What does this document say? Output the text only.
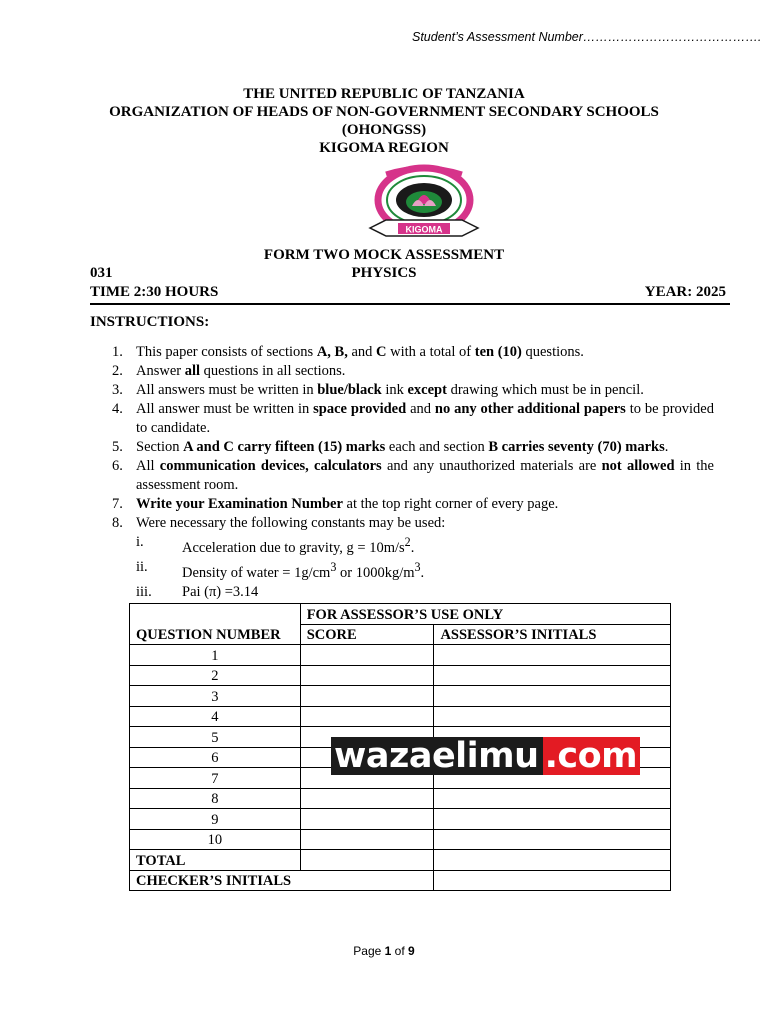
Student’s Assessment Number…………………………………….
THE UNITED REPUBLIC OF TANZANIA
ORGANIZATION OF HEADS OF NON-GOVERNMENT SECONDARY SCHOOLS
(OHONGSS)
KIGOMA REGION
KIGOMA
FORM TWO MOCK ASSESSMENT
031	PHYSICS
TIME 2:30 HOURS	YEAR: 2025
INSTRUCTIONS:
1. This paper consists of sections A, B, and C with a total of ten (10) questions.
2. Answer all questions in all sections.
3. All answers must be written in blue/black ink except drawing which must be in pencil.
4. All answer must be written in space provided and no any other additional papers to be provided to candidate.
5. Section A and C carry fifteen (15) marks each and section B carries seventy (70) marks.
6. All communication devices, calculators and any unauthorized materials are not allowed in the assessment room.
7. Write your Examination Number at the top right corner of every page.
8. Were necessary the following constants may be used:
i.	Acceleration due to gravity, $g = 10m/s^2$.
ii. Density of water = $1g/cm^3$ or $1000kg/m^3$.
iii. Pai (π) =3.14
QUESTION NUMBER	FOR ASSESSOR’S USE ONLY	
	SCORE	ASSESSOR’S INITIALS
1		
2		
3		
4		
5		
6		
7		
8		
9		
10		
TOTAL		
CHECKER’S INITIALS		
wazaelimu .com
Page 1 of 9
